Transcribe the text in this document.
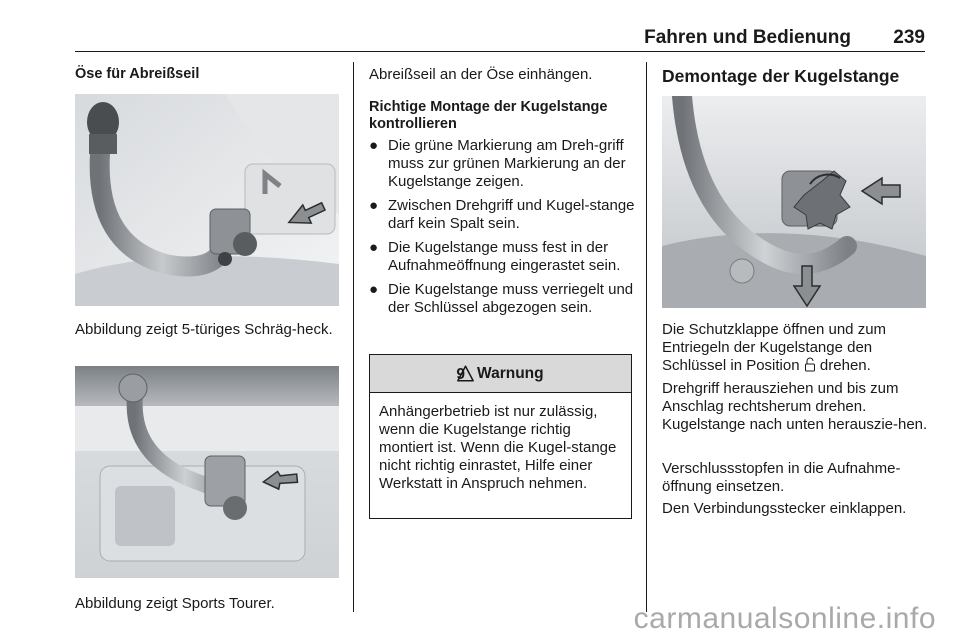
Fahren und Bedienung 239
Öse für Abreißseil
Abbildung zeigt 5-türiges Schräg-heck.
Abbildung zeigt Sports Tourer.
Abreißseil an der Öse einhängen.
Richtige Montage der Kugelstange kontrollieren
● Die grüne Markierung am Dreh-griff muss zur grünen Markierung an der Kugelstange zeigen.
● Zwischen Drehgriff und Kugel-stange darf kein Spalt sein.
● Die Kugelstange muss fest in der Aufnahmeöffnung eingerastet sein.
● Die Kugelstange muss verriegelt und der Schlüssel abgezogen sein.
9 Warnung
Anhängerbetrieb ist nur zulässig, wenn die Kugelstange richtig montiert ist. Wenn die Kugel-stange nicht richtig einrastet, Hilfe einer Werkstatt in Anspruch nehmen.
Demontage der Kugelstange
Die Schutzklappe öffnen und zum Entriegeln der Kugelstange den Schlüssel in Position drehen.
Drehgriff herausziehen und bis zum Anschlag rechtsherum drehen. Kugelstange nach unten herauszie-hen.
Verschlussstopfen in die Aufnahme-öffnung einsetzen.
Den Verbindungsstecker einklappen.
carmanualsonline.info
